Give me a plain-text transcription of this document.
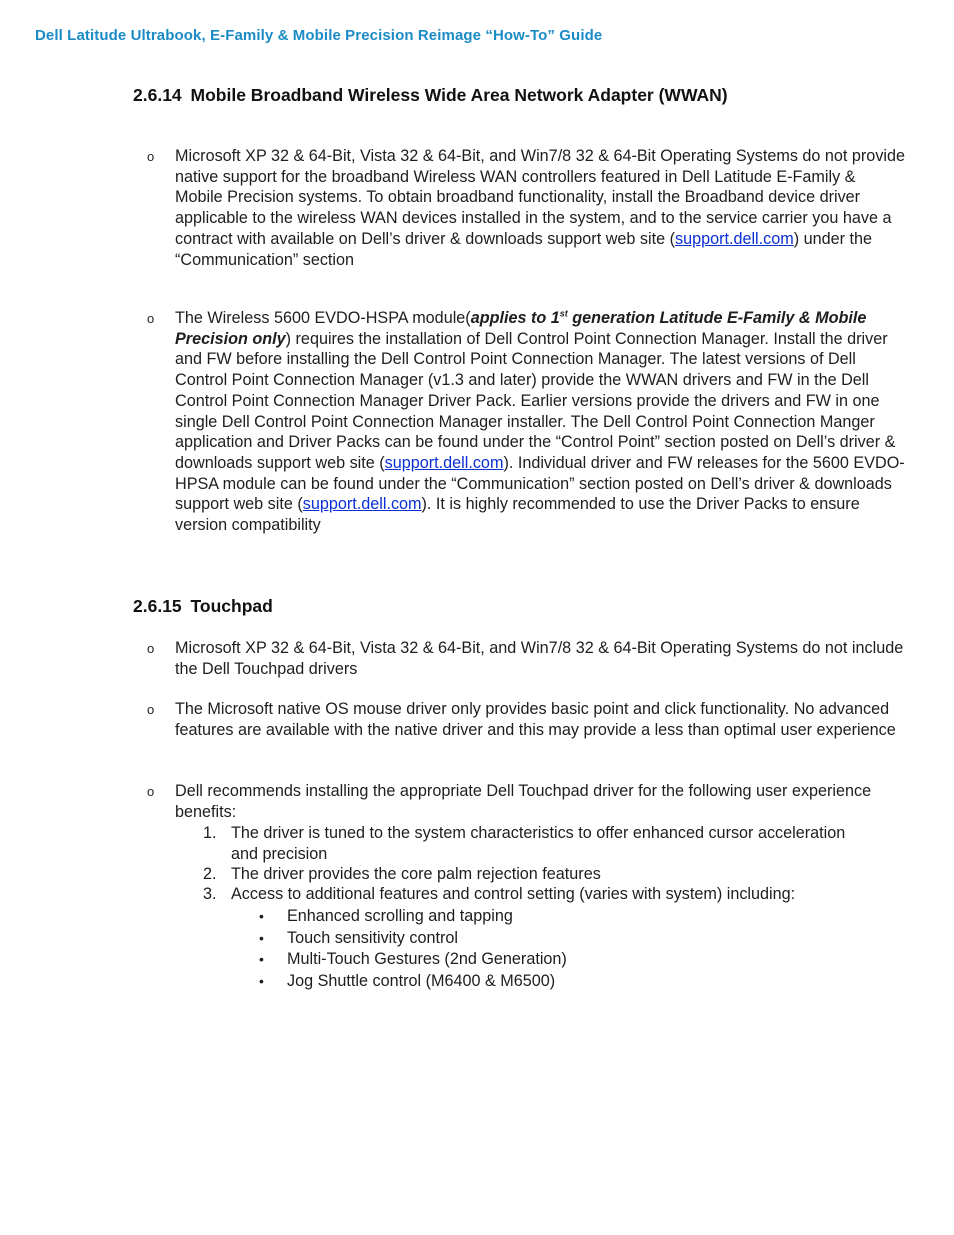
Dell Latitude Ultrabook, E-Family & Mobile Precision Reimage “How-To” Guide
2.6.14 Mobile Broadband Wireless Wide Area Network Adapter (WWAN)
o Microsoft XP 32 & 64-Bit, Vista 32 & 64-Bit, and Win7/8 32 & 64-Bit Operating Systems do not provide native support for the broadband Wireless WAN controllers featured in Dell Latitude E-Family & Mobile Precision systems. To obtain broadband functionality, install the Broadband device driver applicable to the wireless WAN devices installed in the system, and to the service carrier you have a contract with available on Dell’s driver & downloads support web site (support.dell.com) under the “Communication” section
o The Wireless 5600 EVDO-HSPA module(applies to 1st generation Latitude E-Family & Mobile Precision only) requires the installation of Dell Control Point Connection Manager. Install the driver and FW before installing the Dell Control Point Connection Manager. The latest versions of Dell Control Point Connection Manager (v1.3 and later) provide the WWAN drivers and FW in the Dell Control Point Connection Manager Driver Pack. Earlier versions provide the drivers and FW in one single Dell Control Point Connection Manager installer. The Dell Control Point Connection Manger application and Driver Packs can be found under the “Control Point” section posted on Dell’s driver & downloads support web site (support.dell.com). Individual driver and FW releases for the 5600 EVDO-HPSA module can be found under the “Communication” section posted on Dell’s driver & downloads support web site (support.dell.com). It is highly recommended to use the Driver Packs to ensure version compatibility
2.6.15 Touchpad
o Microsoft XP 32 & 64-Bit, Vista 32 & 64-Bit, and Win7/8 32 & 64-Bit Operating Systems do not include the Dell Touchpad drivers
o The Microsoft native OS mouse driver only provides basic point and click functionality. No advanced features are available with the native driver and this may provide a less than optimal user experience
o Dell recommends installing the appropriate Dell Touchpad driver for the following user experience benefits:
1. The driver is tuned to the system characteristics to offer enhanced cursor acceleration and precision
2. The driver provides the core palm rejection features
3. Access to additional features and control setting (varies with system) including:
• Enhanced scrolling and tapping
• Touch sensitivity control
• Multi-Touch Gestures (2nd Generation)
• Jog Shuttle control (M6400 & M6500)
